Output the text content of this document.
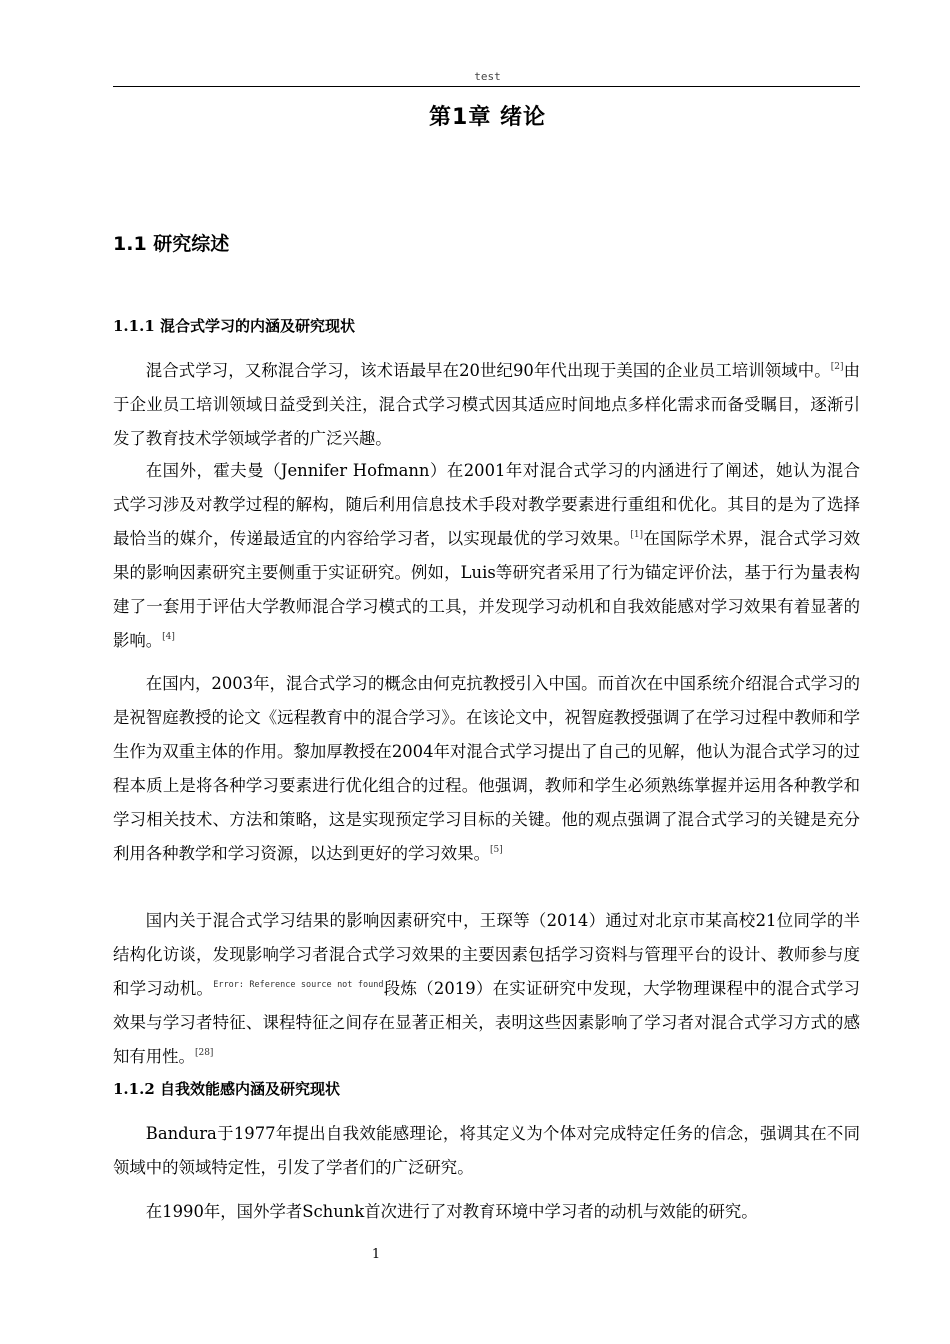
test
第1章 绪论
1.1 研究综述
1.1.1 混合式学习的内涵及研究现状

混合式学习，又称混合学习，该术语最早在20世纪90年代出现于美国的企业员工培训领域中。[2]由于企业员工培训领域日益受到关注，混合式学习模式因其适应时间地点多样化需求而备受瞩目，逐渐引发了教育技术学领域学者的广泛兴趣。

在国外，霍夫曼（Jennifer Hofmann）在2001年对混合式学习的内涵进行了阐述，她认为混合式学习涉及对教学过程的解构，随后利用信息技术手段对教学要素进行重组和优化。其目的是为了选择最恰当的媒介，传递最适宜的内容给学习者，以实现最优的学习效果。[1]在国际学术界，混合式学习效果的影响因素研究主要侧重于实证研究。例如，Luis等研究者采用了行为锚定评价法，基于行为量表构建了一套用于评估大学教师混合学习模式的工具，并发现学习动机和自我效能感对学习效果有着显著的影响。[4]

在国内，2003年，混合式学习的概念由何克抗教授引入中国。而首次在中国系统介绍混合式学习的是祝智庭教授的论文《远程教育中的混合学习》。在该论文中，祝智庭教授强调了在学习过程中教师和学生作为双重主体的作用。黎加厚教授在2004年对混合式学习提出了自己的见解，他认为混合式学习的过程本质上是将各种学习要素进行优化组合的过程。他强调，教师和学生必须熟练掌握并运用各种教学和学习相关技术、方法和策略，这是实现预定学习目标的关键。他的观点强调了混合式学习的关键是充分利用各种教学和学习资源，以达到更好的学习效果。[5]

国内关于混合式学习结果的影响因素研究中，王琛等（2014）通过对北京市某高校21位同学的半结构化访谈，发现影响学习者混合式学习效果的主要因素包括学习资料与管理平台的设计、教师参与度和学习动机。$^{Error: Reference source not found}$段炼（2019）在实证研究中发现，大学物理课程中的混合式学习效果与学习者特征、课程特征之间存在显著正相关，表明这些因素影响了学习者对混合式学习方式的感知有用性。[28]

1.1.2 自我效能感内涵及研究现状

Bandura于1977年提出自我效能感理论，将其定义为个体对完成特定任务的信念，强调其在不同领域中的领域特定性，引发了学者们的广泛研究。

在1990年，国外学者Schunk首次进行了对教育环境中学习者的动机与效能的研究。

1
